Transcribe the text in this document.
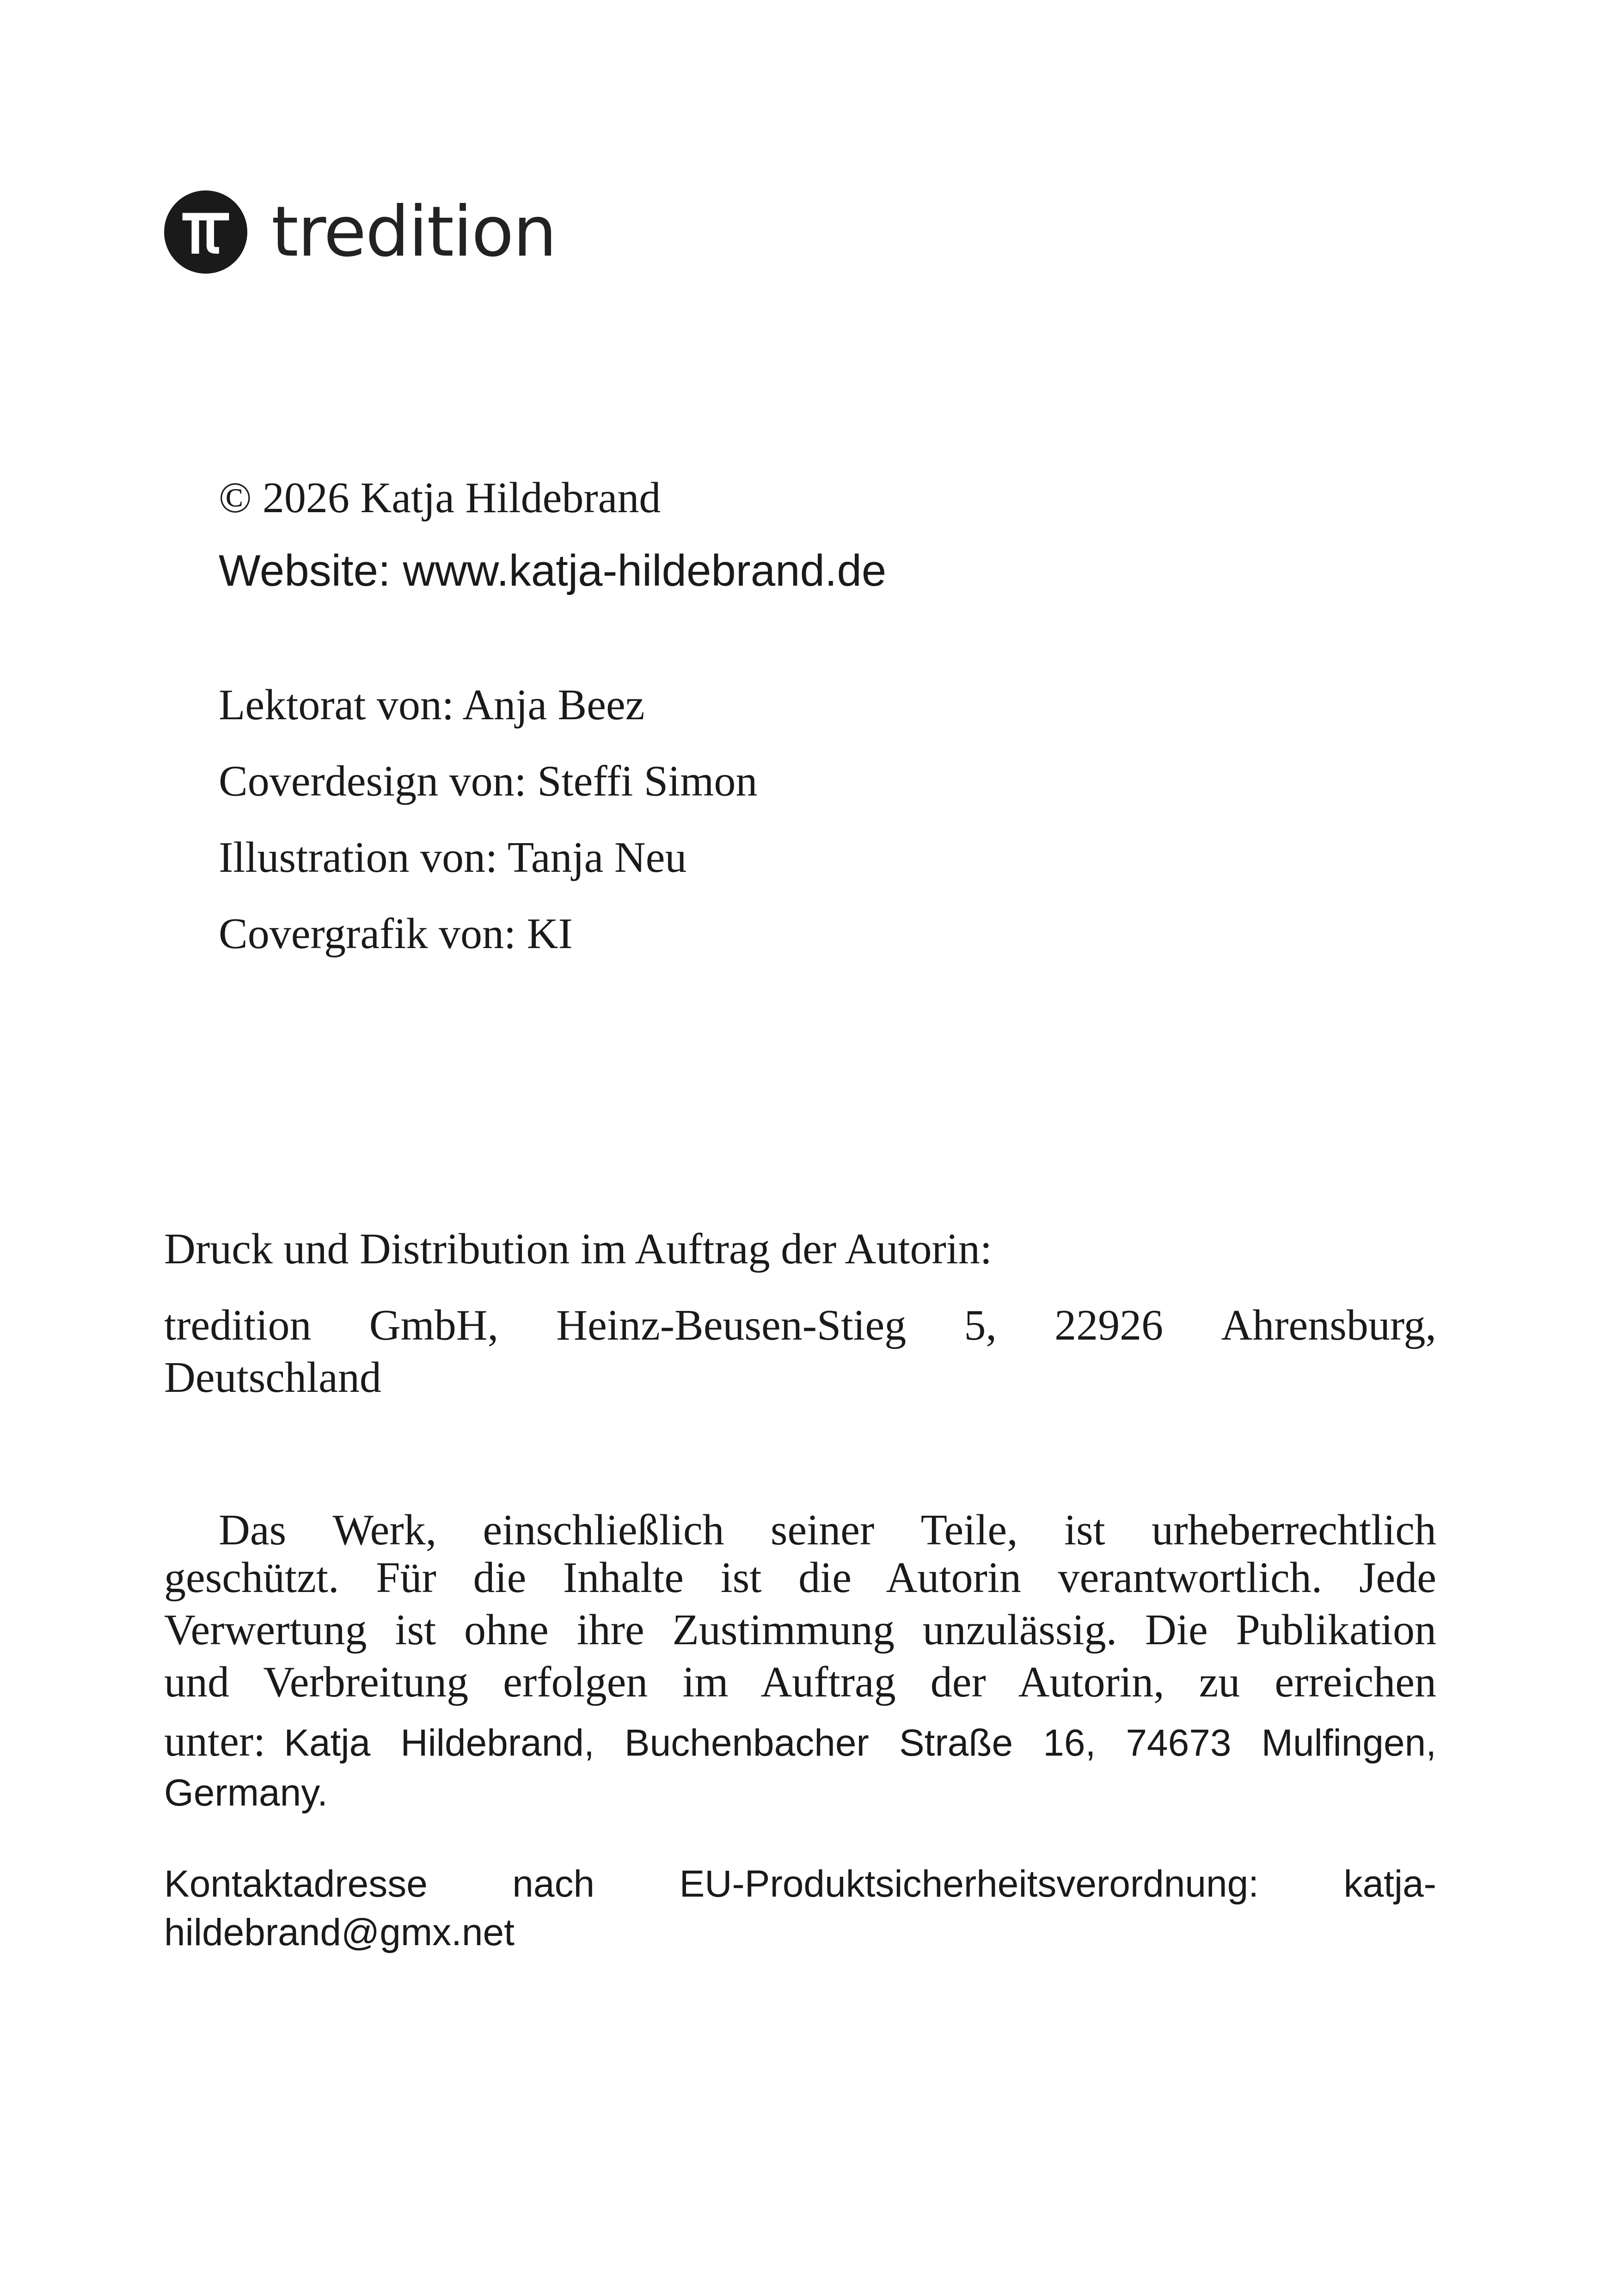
tredition
© 2026 Katja Hildebrand
Website: www.katja-hildebrand.de
Lektorat von: Anja Beez
Coverdesign von: Steffi Simon
Illustration von: Tanja Neu
Covergrafik von: KI
Druck und Distribution im Auftrag der Autorin:
tredition GmbH, Heinz-Beusen-Stieg 5, 22926 Ahrensburg,
Deutschland
Das Werk, einschließlich seiner Teile, ist urheberrechtlich
geschützt. Für die Inhalte ist die Autorin verantwortlich. Jede
Verwertung ist ohne ihre Zustimmung unzulässig. Die Publikation
und Verbreitung erfolgen im Auftrag der Autorin, zu erreichen
unter: Katja Hildebrand, Buchenbacher Straße 16, 74673 Mulfingen,
Germany.
Kontaktadresse nach EU-Produktsicherheitsverordnung: katja-
hildebrand@gmx.net
